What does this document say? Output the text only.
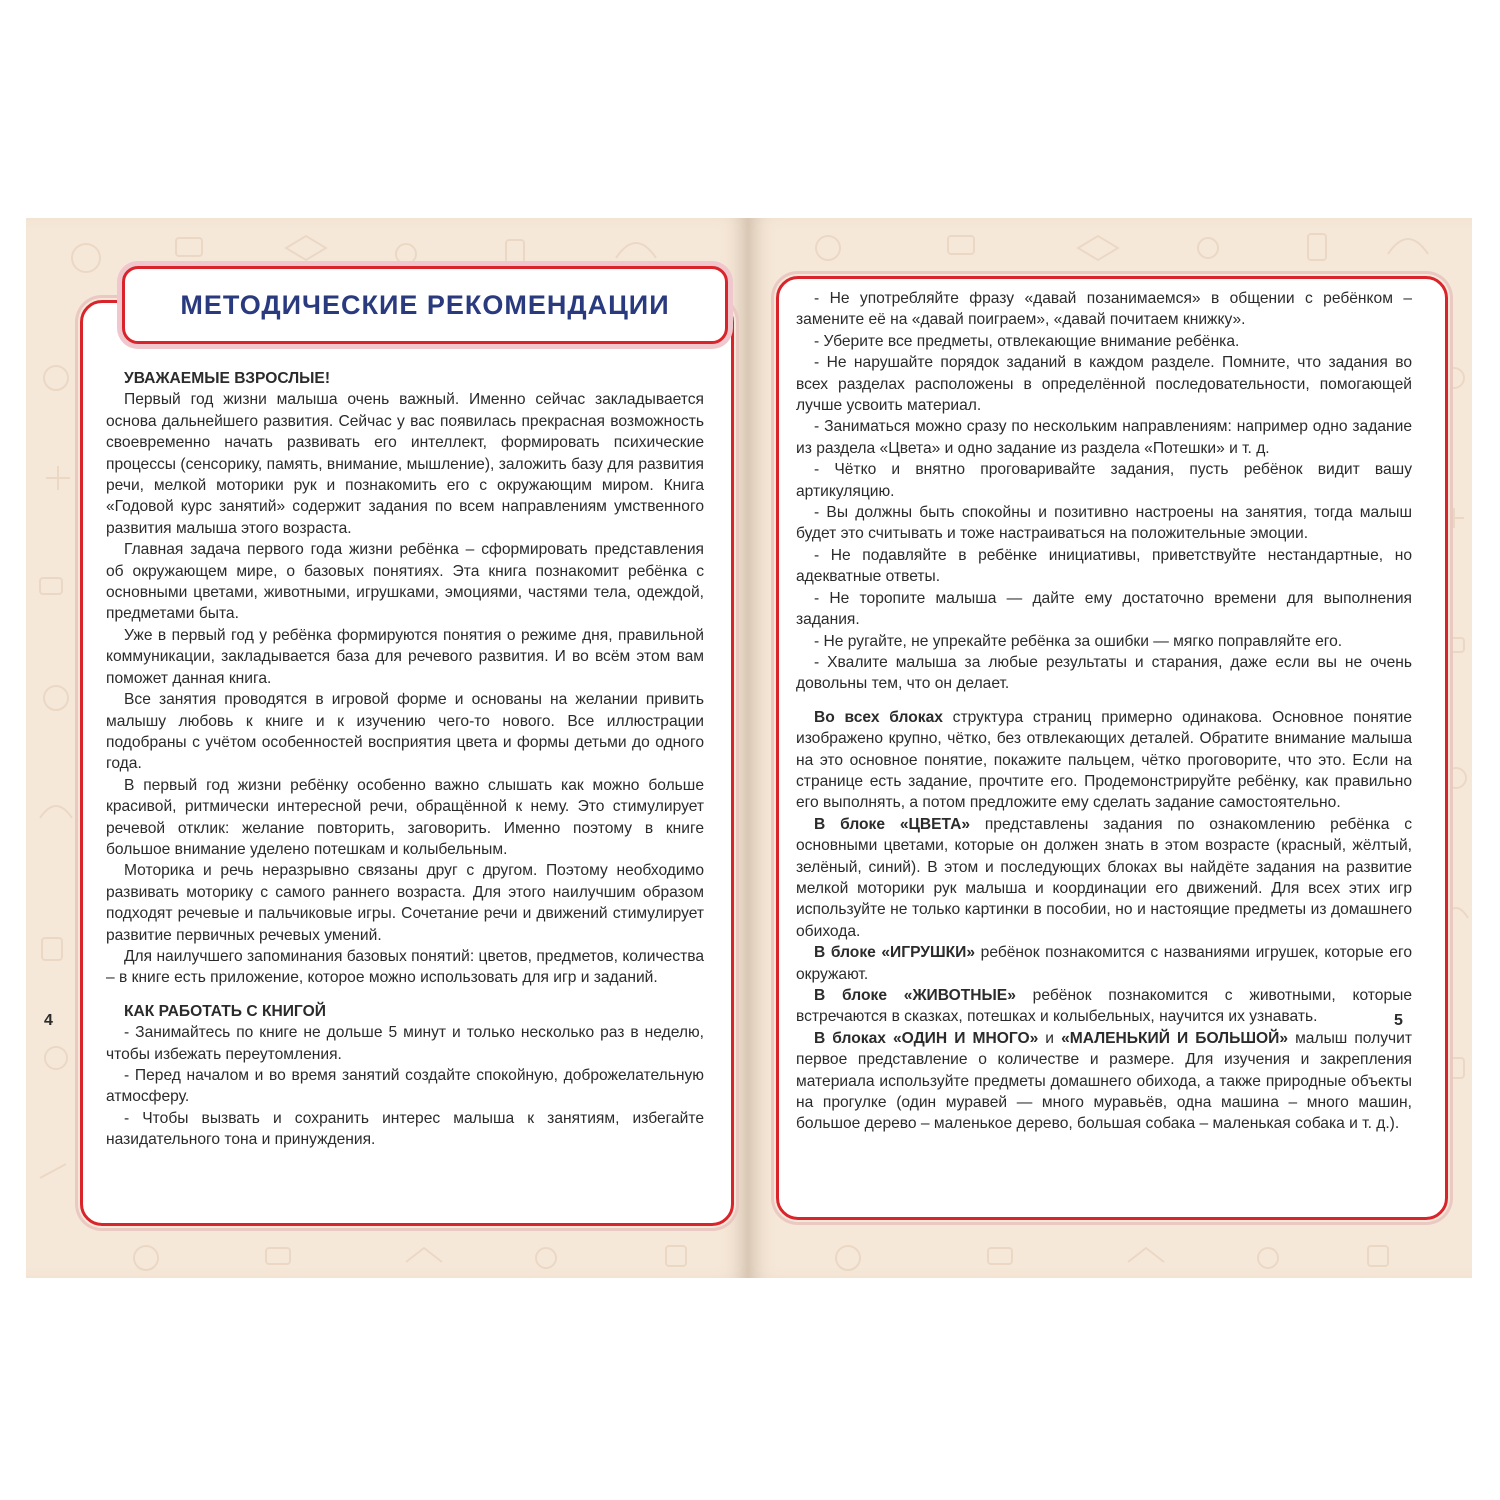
МЕТОДИЧЕСКИЕ РЕКОМЕНДАЦИИ
УВАЖАЕМЫЕ ВЗРОСЛЫЕ!

Первый год жизни малыша очень важный. Именно сейчас закладывается основа дальнейшего развития. Сейчас у вас появилась прекрасная возможность своевременно начать развивать его интеллект, формировать психические процессы (сенсорику, память, внимание, мышление), заложить базу для развития речи, мелкой моторики рук и познакомить его с окружающим миром. Книга «Годовой курс занятий» содержит задания по всем направлениям умственного развития малыша этого возраста.

Главная задача первого года жизни ребёнка – сформировать представления об окружающем мире, о базовых понятиях. Эта книга познакомит ребёнка с основными цветами, животными, игрушками, эмоциями, частями тела, одеждой, предметами быта.

Уже в первый год у ребёнка формируются понятия о режиме дня, правильной коммуникации, закладывается база для речевого развития. И во всём этом вам поможет данная книга.

Все занятия проводятся в игровой форме и основаны на желании привить малышу любовь к книге и к изучению чего-то нового. Все иллюстрации подобраны с учётом особенностей восприятия цвета и формы детьми до одного года.

В первый год жизни ребёнку особенно важно слышать как можно больше красивой, ритмически интересной речи, обращённой к нему. Это стимулирует речевой отклик: желание повторить, заговорить. Именно поэтому в книге большое внимание уделено потешкам и колыбельным.

Моторика и речь неразрывно связаны друг с другом. Поэтому необходимо развивать моторику с самого раннего возраста. Для этого наилучшим образом подходят речевые и пальчиковые игры. Сочетание речи и движений стимулирует развитие первичных речевых умений.

Для наилучшего запоминания базовых понятий: цветов, предметов, количества – в книге есть приложение, которое можно использовать для игр и заданий.

КАК РАБОТАТЬ С КНИГОЙ

- Занимайтесь по книге не дольше 5 минут и только несколько раз в неделю, чтобы избежать переутомления.

- Перед началом и во время занятий создайте спокойную, доброжелательную атмосферу.

- Чтобы вызвать и сохранить интерес малыша к занятиям, избегайте назидательного тона и принуждения.

- Не употребляйте фразу «давай позанимаемся» в общении с ребёнком – замените её на «давай поиграем», «давай почитаем книжку».

- Уберите все предметы, отвлекающие внимание ребёнка.

- Не нарушайте порядок заданий в каждом разделе. Помните, что задания во всех разделах расположены в определённой последовательности, помогающей лучше усвоить материал.

- Заниматься можно сразу по нескольким направлениям: например одно задание из раздела «Цвета» и одно задание из раздела «Потешки» и т. д.

- Чётко и внятно проговаривайте задания, пусть ребёнок видит вашу артикуляцию.

- Вы должны быть спокойны и позитивно настроены на занятия, тогда малыш будет это считывать и тоже настраиваться на положительные эмоции.

- Не подавляйте в ребёнке инициативы, приветствуйте нестандартные, но адекватные ответы.

- Не торопите малыша — дайте ему достаточно времени для выполнения задания.

- Не ругайте, не упрекайте ребёнка за ошибки — мягко поправляйте его.

- Хвалите малыша за любые результаты и старания, даже если вы не очень довольны тем, что он делает.

Во всех блоках структура страниц примерно одинакова. Основное понятие изображено крупно, чётко, без отвлекающих деталей. Обратите внимание малыша на это основное понятие, покажите пальцем, чётко проговорите, что это. Если на странице есть задание, прочтите его. Продемонстрируйте ребёнку, как правильно его выполнять, а потом предложите ему сделать задание самостоятельно.

В блоке «ЦВЕТА» представлены задания по ознакомлению ребёнка с основными цветами, которые он должен знать в этом возрасте (красный, жёлтый, зелёный, синий). В этом и последующих блоках вы найдёте задания на развитие мелкой моторики рук малыша и координации его движений. Для всех этих игр используйте не только картинки в пособии, но и настоящие предметы из домашнего обихода.

В блоке «ИГРУШКИ» ребёнок познакомится с названиями игрушек, которые его окружают.

В блоке «ЖИВОТНЫЕ» ребёнок познакомится с животными, которые встречаются в сказках, потешках и колыбельных, научится их узнавать.

В блоках «ОДИН И МНОГО» и «МАЛЕНЬКИЙ И БОЛЬШОЙ» малыш получит первое представление о количестве и размере. Для изучения и закрепления материала используйте предметы домашнего обихода, а также природные объекты на прогулке (один муравей — много муравьёв, одна машина – много машин, большое дерево – маленькое дерево, большая собака – маленькая собака и т. д.).

4	5
